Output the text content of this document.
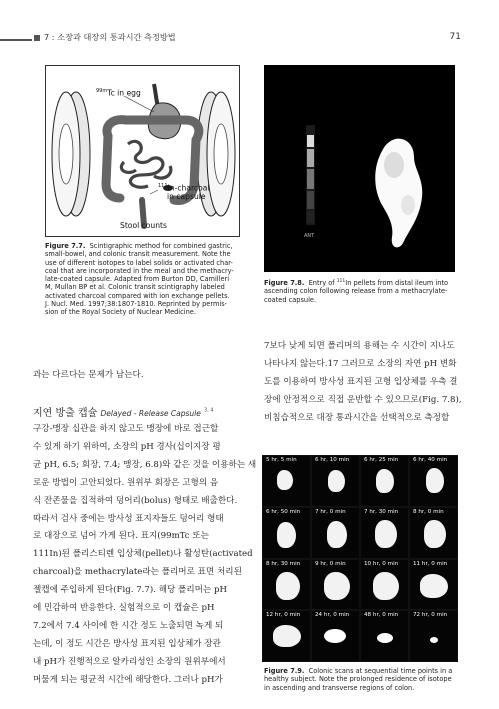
7 : 소장과 대장의 통과시간 측정방법	71
$^{99m}$Tc in egg
$^{111}$In-charcoal
in capsule
Stool counts
Figure 7.7. Scintigraphic method for combined gastric,
small-bowel, and colonic transit measurement. Note the
use of different isotopes to label solids or activated char-
coal that are incorporated in the meal and the methacry-
late-coated capsule. Adapted from Burton DD, Camilleri
M, Mullan BP et al. Colonic transit scintigraphy labeled
activated charcoal compared with ion exchange pellets.
J. Nucl. Med. 1997;38:1807-1810. Reprinted by permis-
sion of the Royal Society of Nuclear Medicine.
ANT
Figure 7.8. Entry of $^{111}$In pellets from distal ileum into
ascending colon following release from a methacrylate-
coated capsule.
7보다 낮게 되면 폴리머의 용해는 수 시간이 지나도
나타나지 않는다.17 그러므로 소장의 자연 pH 변화
도를 이용하여 방사성 표지된 고형 입상체를 우측 결
장에 안정적으로 직접 운반할 수 있으므로(Fig. 7.8),
비침습적으로 대장 통과시간을 선택적으로 측정할
과는 다르다는 문제가 남는다.
지연 방출 캡슐 Delayed - Release Capsule $^{3, 4}$
구강-맹장 십관을 하지 않고도 맹장에 바로 접근할
수 있게 하기 위하여, 소장의 pH 경사(십이지장 평
균 pH, 6.5; 회장, 7.4; 맹장, 6.8)와 같은 것을 이용하는 새
로운 방법이 고안되었다. 원위부 회장은 고형의 음
식 잔존물을 집적하여 덩어리(bolus) 형태로 배출한다.
따라서 검사 중에는 방사성 표지자들도 덩어리 형태
로 대장으로 넘어 가게 된다. 표지(99mTc 또는
111In)된 폴리스티렌 입상체(pellet)나 활성탄(activated
charcoal)을 methacrylate라는 폴리머로 표면 처리된
젤캡에 주입하게 된다(Fig. 7.7). 해당 폴리머는 pH
에 민감하여 반응한다. 실험적으로 이 캡슐은 pH
7.2에서 7.4 사이에 한 시간 정도 노출되면 녹게 되
는데, 이 정도 시간은 방사성 표지된 입상체가 장관
내 pH가 진행적으로 알카리성인 소장의 원위부에서
머물게 되는 평균적 시간에 해당한다. 그러나 pH가
5 hr, 5 min	6 hr, 10 min	6 hr, 25 min	6 hr, 40 min
6 hr, 50 min	7 hr, 0 min	7 hr, 30 min	8 hr, 0 min
8 hr, 30 min	9 hr, 0 min	10 hr, 0 min	11 hr, 0 min
12 hr, 0 min	24 hr, 0 min	48 hr, 0 min	72 hr, 0 min
Figure 7.9. Colonic scans at sequential time points in a
healthy subject. Note the prolonged residence of isotope
in ascending and transverse regions of colon.
